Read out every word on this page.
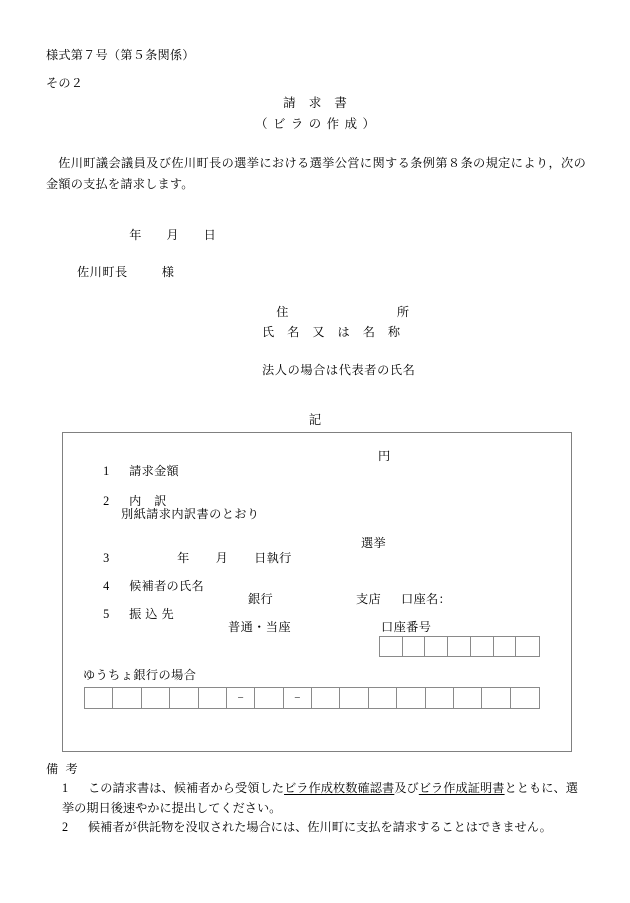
様式第７号（第５条関係）
その２
請求書
（ビラの作成）
佐川町議会議員及び佐川町長の選挙における選挙公営に関する条例第８条の規定により，次の金額の支払を請求します。

年 月 日

佐川町長	様

住	所

氏名又は名称
法人の場合は代表者の氏名
記

1 請求金額
円

2 内訳

別紙請求内訳書のとおり

3	年 月 日執行
選挙

4 候補者の氏名

5 振込先
銀行	支店 口座名：

普通・当座	口座番号
ゆうちょ銀行の場合
−	−
備 考
1 この請求書は、候補者から受領したビラ作成枚数確認書及びビラ作成証明書とともに、選挙の期日後速やかに提出してください。
2 候補者が供託物を没収された場合には、佐川町に支払を請求することはできません。
